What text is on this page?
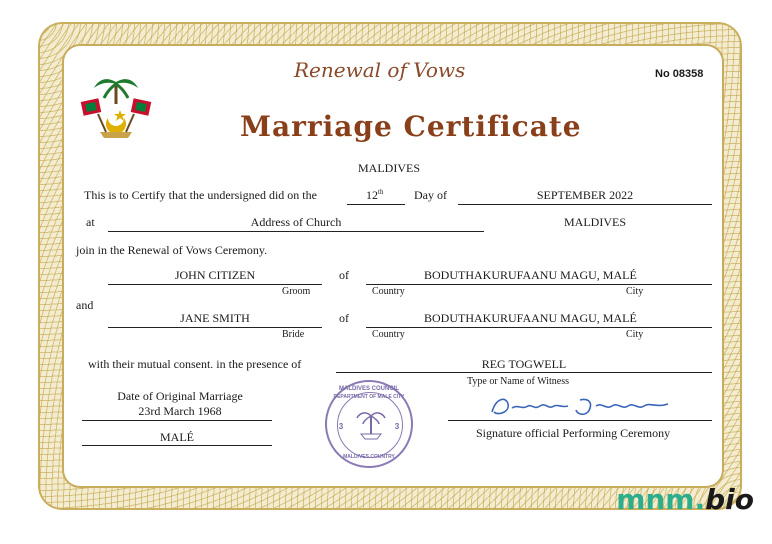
Renewal of Vows
Marriage Certificate
No 08358
MALDIVES
This is to Certify that the undersigned did on the	12th	Day of	SEPTEMBER 2022
at	Address of Church	MALDIVES
join in the Renewal of Vows Ceremony.
JOHN CITIZEN
Groom
of	BODUTHAKURUFAANU MAGU, MALÉ
Country	City
and
JANE SMITH
Bride
of	BODUTHAKURUFAANU MAGU, MALÉ
Country	City
with their mutual consent. in the presence of	REG TOGWELL
Type or Name of Witness
Date of Original Marriage
23rd March 1968
MALÉ
MALDIVES COUNCIL
DEPARTMENT OF MALE CITY
MALDIVES COUNTRY
3	3	Signature official Performing Ceremony
mnm.bio
